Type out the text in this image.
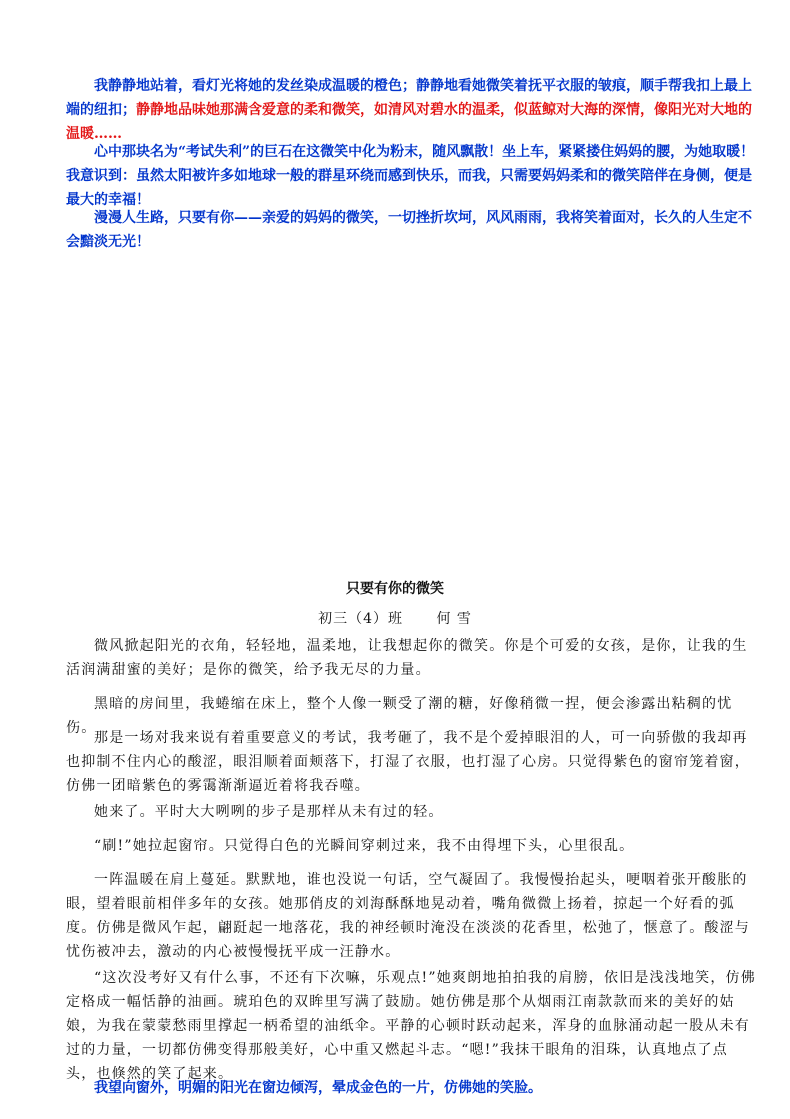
我静静地站着，看灯光将她的发丝染成温暖的橙色；静静地看她微笑着抚平衣服的皱痕，顺手帮我扣上最上端的纽扣；静静地品味她那满含爱意的柔和微笑，如清风对碧水的温柔，似蓝鲸对大海的深情，像阳光对大地的温暖……

心中那块名为“考试失利”的巨石在这微笑中化为粉末，随风飘散！坐上车，紧紧搂住妈妈的腰，为她取暖！我意识到：虽然太阳被许多如地球一般的群星环绕而感到快乐，而我，只需要妈妈柔和的微笑陪伴在身侧，便是最大的幸福！

漫漫人生路，只要有你——亲爱的妈妈的微笑，一切挫折坎坷，风风雨雨，我将笑着面对，长久的人生定不会黯淡无光！

只要有你的微笑
初三（4）班 何 雪

微风掀起阳光的衣角，轻轻地，温柔地，让我想起你的微笑。你是个可爱的女孩，是你，让我的生活润满甜蜜的美好；是你的微笑，给予我无尽的力量。

黑暗的房间里，我蜷缩在床上，整个人像一颗受了潮的糖，好像稍微一捏，便会渗露出粘稠的忧伤。

那是一场对我来说有着重要意义的考试，我考砸了，我不是个爱掉眼泪的人，可一向骄傲的我却再也抑制不住内心的酸涩，眼泪顺着面颊落下，打湿了衣服，也打湿了心房。只觉得紫色的窗帘笼着窗，仿佛一团暗紫色的雾霭渐渐逼近着将我吞噬。

她来了。平时大大咧咧的步子是那样从未有过的轻。

“刷!”她拉起窗帘。只觉得白色的光瞬间穿刺过来，我不由得埋下头，心里很乱。

一阵温暖在肩上蔓延。默默地，谁也没说一句话，空气凝固了。我慢慢抬起头，哽咽着张开酸胀的眼，望着眼前相伴多年的女孩。她那俏皮的刘海酥酥地晃动着，嘴角微微上扬着，掠起一个好看的弧度。仿佛是微风乍起，翩跹起一地落花，我的神经顿时淹没在淡淡的花香里，松弛了，惬意了。酸涩与忧伤被冲去，激动的内心被慢慢抚平成一汪静水。

“这次没考好又有什么事，不还有下次嘛，乐观点!”她爽朗地拍拍我的肩膀，依旧是浅浅地笑，仿佛定格成一幅恬静的油画。琥珀色的双眸里写满了鼓励。她仿佛是那个从烟雨江南款款而来的美好的姑娘，为我在蒙蒙愁雨里撑起一柄希望的油纸伞。平静的心顿时跃动起来，浑身的血脉涌动起一股从未有过的力量，一切都仿佛变得那般美好，心中重又燃起斗志。“嗯!”我抹干眼角的泪珠，认真地点了点头，也倏然的笑了起来。

我望向窗外，明媚的阳光在窗边倾泻，晕成金色的一片，仿佛她的笑脸。
